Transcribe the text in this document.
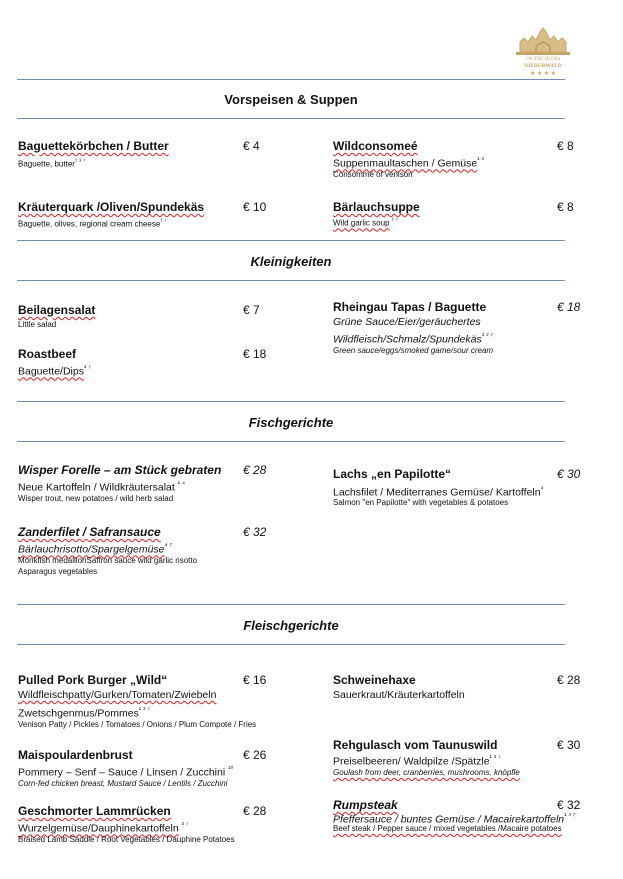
JAGDSCHLOSS
NIEDERWALD
★ ★ ★ ★
Vorspeisen & Suppen
Baguettekörbchen / Butter	€ 4
Baguette, butter$^{^1 ^3 ^7}$
Kräuterquark /Oliven/Spundekäs	€ 10
Baguette, olives, regional cream cheese$^{^1 ^7}$
Wildconsomeé	€ 8
Suppenmaultaschen / Gemüse$^{^1 ^3}$
Consommé of venison
Bärlauchsuppe	€ 8
Wild garlic soup $^{^1 ^7}$
Kleinigkeiten
Beilagensalat	€ 7
Little salad
Roastbeef	€ 18
Baguette/Dips$^{^1 ^7}$
Rheingau Tapas / Baguette	€ 18
Grüne Sauce/Eier/geräuchertes
Wildfleisch/Schmalz/Spundekäs$^{^1 ^3 ^7}$
Green sauce/eggs/smoked game/sour cream
Fischgerichte
Wisper Forelle – am Stück gebraten € 28
Neue Kartoffeln / Wildkräutersalat $^{^1 ^4}$
Wisper trout, new potatoes / wild herb salad
Zanderfilet / Safransauce	€ 32
Bärlauchrisotto/Spargelgemüse$^{^4 ^7}$
Monkfish medallionSaffron sauce wild garlic risotto
Asparagus vegetables
Lachs „en Papilotte“	€ 30
Lachsfilet / Mediterranes Gemüse/ Kartoffeln$^{^4}$
Salmon "en Papilotte" with vegetables & potatoes
Fleischgerichte
Pulled Pork Burger „Wild“	€ 16
Wildfleischpatty/Gurken/Tomaten/Zwiebeln
Zwetschgenmus/Pommes$^{^1 ^3 ^7}$
Venison Patty / Pickles / Tomatoes / Onions / Plum Compote / Fries
Maispoulardenbrust	€ 26
Pommery – Senf – Sauce / Linsen / Zucchini $^{^{10}}$
Corn-fed chicken breast, Mustard Sauce / Lentils / Zucchini
Geschmorter Lammrücken	€ 28
Wurzelgemüse/Dauphinekartoffeln $^{^3 ^7}$
Braised Lamb Saddle / Root Vegetables / Dauphine Potatoes
Schweinehaxe	€ 28
Sauerkraut/Kräuterkartoffeln
Rehgulasch vom Taunuswild	€ 30
Preiselbeeren/ Waldpilze /Spätzle$^{^1 ^3 ^7}$
Goulash from deer, cranberries, mushrooms, knöpfle
Rumpsteak	€ 32
Pfeffersauce / buntes Gemüse / Macairekartoffeln$^{^1 ^3 ^7}$
Beef steak / Pepper sauce / mixed vegetables /Macaire potatoes
